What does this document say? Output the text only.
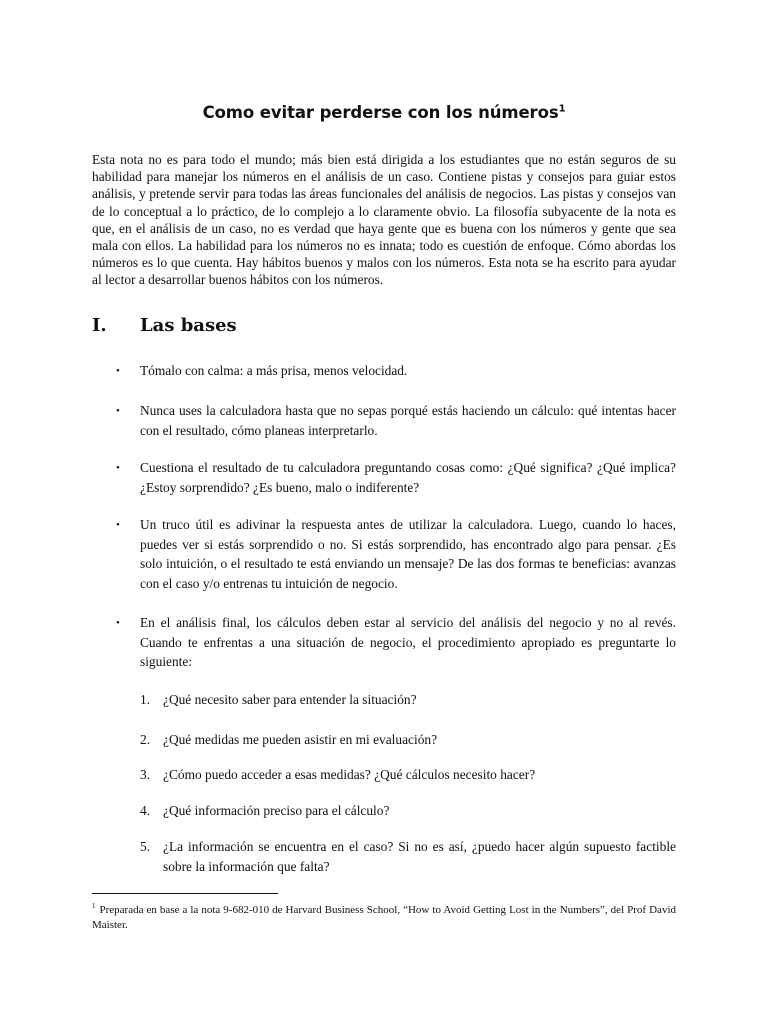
Como evitar perderse con los números$^1$

Esta nota no es para todo el mundo; más bien está dirigida a los estudiantes que no están seguros de su habilidad para manejar los números en el análisis de un caso. Contiene pistas y consejos para guiar estos análisis, y pretende servir para todas las áreas funcionales del análisis de negocios. Las pistas y consejos van de lo conceptual a lo práctico, de lo complejo a lo claramente obvio. La filosofía subyacente de la nota es que, en el análisis de un caso, no es verdad que haya gente que es buena con los números y gente que sea mala con ellos. La habilidad para los números no es innata; todo es cuestión de enfoque. Cómo abordas los números es lo que cuenta. Hay hábitos buenos y malos con los números. Esta nota se ha escrito para ayudar al lector a desarrollar buenos hábitos con los números.

I. Las bases
• Tómalo con calma: a más prisa, menos velocidad.

• Nunca uses la calculadora hasta que no sepas porqué estás haciendo un cálculo: qué intentas hacer con el resultado, cómo planeas interpretarlo.

• Cuestiona el resultado de tu calculadora preguntando cosas como: ¿Qué significa? ¿Qué implica? ¿Estoy sorprendido? ¿Es bueno, malo o indiferente?

• Un truco útil es adivinar la respuesta antes de utilizar la calculadora. Luego, cuando lo haces, puedes ver si estás sorprendido o no. Si estás sorprendido, has encontrado algo para pensar. ¿Es solo intuición, o el resultado te está enviando un mensaje? De las dos formas te beneficias: avanzas con el caso y/o entrenas tu intuición de negocio.

• En el análisis final, los cálculos deben estar al servicio del análisis del negocio y no al revés. Cuando te enfrentas a una situación de negocio, el procedimiento apropiado es preguntarte lo siguiente:

1. ¿Qué necesito saber para entender la situación?

2. ¿Qué medidas me pueden asistir en mi evaluación?

3. ¿Cómo puedo acceder a esas medidas? ¿Qué cálculos necesito hacer?

4. ¿Qué información preciso para el cálculo?

5. ¿La información se encuentra en el caso? Si no es así, ¿puedo hacer algún supuesto factible sobre la información que falta?

$^1$ Preparada en base a la nota 9-682-010 de Harvard Business School, “How to Avoid Getting Lost in the Numbers”, del Prof David Maister.
